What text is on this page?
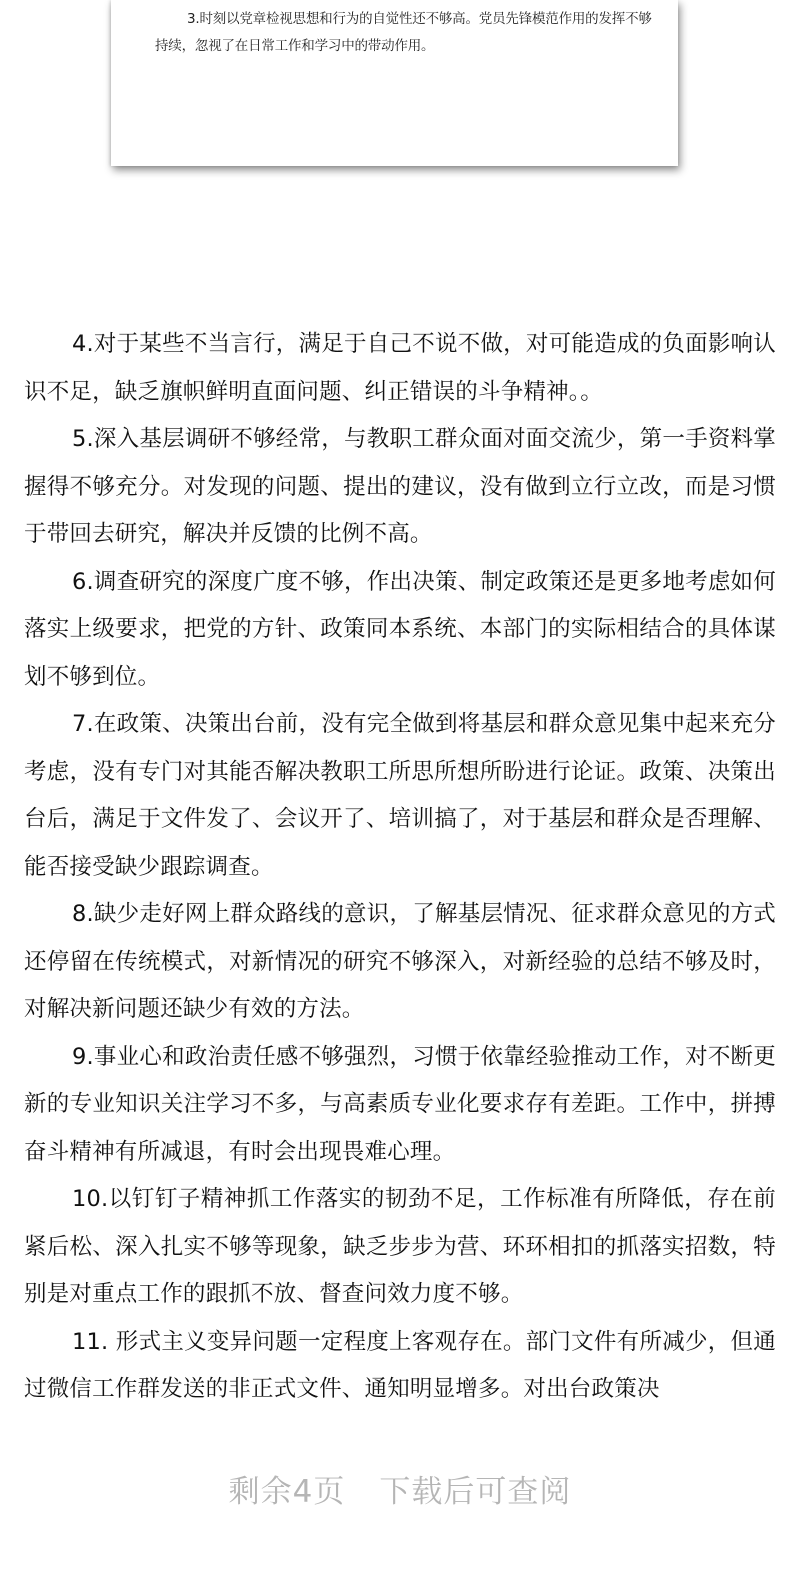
3.时刻以党章检视思想和行为的自觉性还不够高。党员先锋模范作用的发挥不够持续，忽视了在日常工作和学习中的带动作用。

4.对于某些不当言行，满足于自己不说不做，对可能造成的负面影响认识不足，缺乏旗帜鲜明直面问题、纠正错误的斗争精神。。

5.深入基层调研不够经常，与教职工群众面对面交流少，第一手资料掌握得不够充分。对发现的问题、提出的建议，没有做到立行立改，而是习惯于带回去研究，解决并反馈的比例不高。

6.调查研究的深度广度不够，作出决策、制定政策还是更多地考虑如何落实上级要求，把党的方针、政策同本系统、本部门的实际相结合的具体谋划不够到位。

7.在政策、决策出台前，没有完全做到将基层和群众意见集中起来充分考虑，没有专门对其能否解决教职工所思所想所盼进行论证。政策、决策出台后，满足于文件发了、会议开了、培训搞了，对于基层和群众是否理解、能否接受缺少跟踪调查。

8.缺少走好网上群众路线的意识，了解基层情况、征求群众意见的方式还停留在传统模式，对新情况的研究不够深入，对新经验的总结不够及时，对解决新问题还缺少有效的方法。

9.事业心和政治责任感不够强烈，习惯于依靠经验推动工作，对不断更新的专业知识关注学习不多，与高素质专业化要求存有差距。工作中，拼搏奋斗精神有所减退，有时会出现畏难心理。

10.以钉钉子精神抓工作落实的韧劲不足，工作标准有所降低，存在前紧后松、深入扎实不够等现象，缺乏步步为营、环环相扣的抓落实招数，特别是对重点工作的跟抓不放、督查问效力度不够。

11. 形式主义变异问题一定程度上客观存在。部门文件有所减少，但通过微信工作群发送的非正式文件、通知明显增多。对出台政策决

剩余4页 下载后可查阅
